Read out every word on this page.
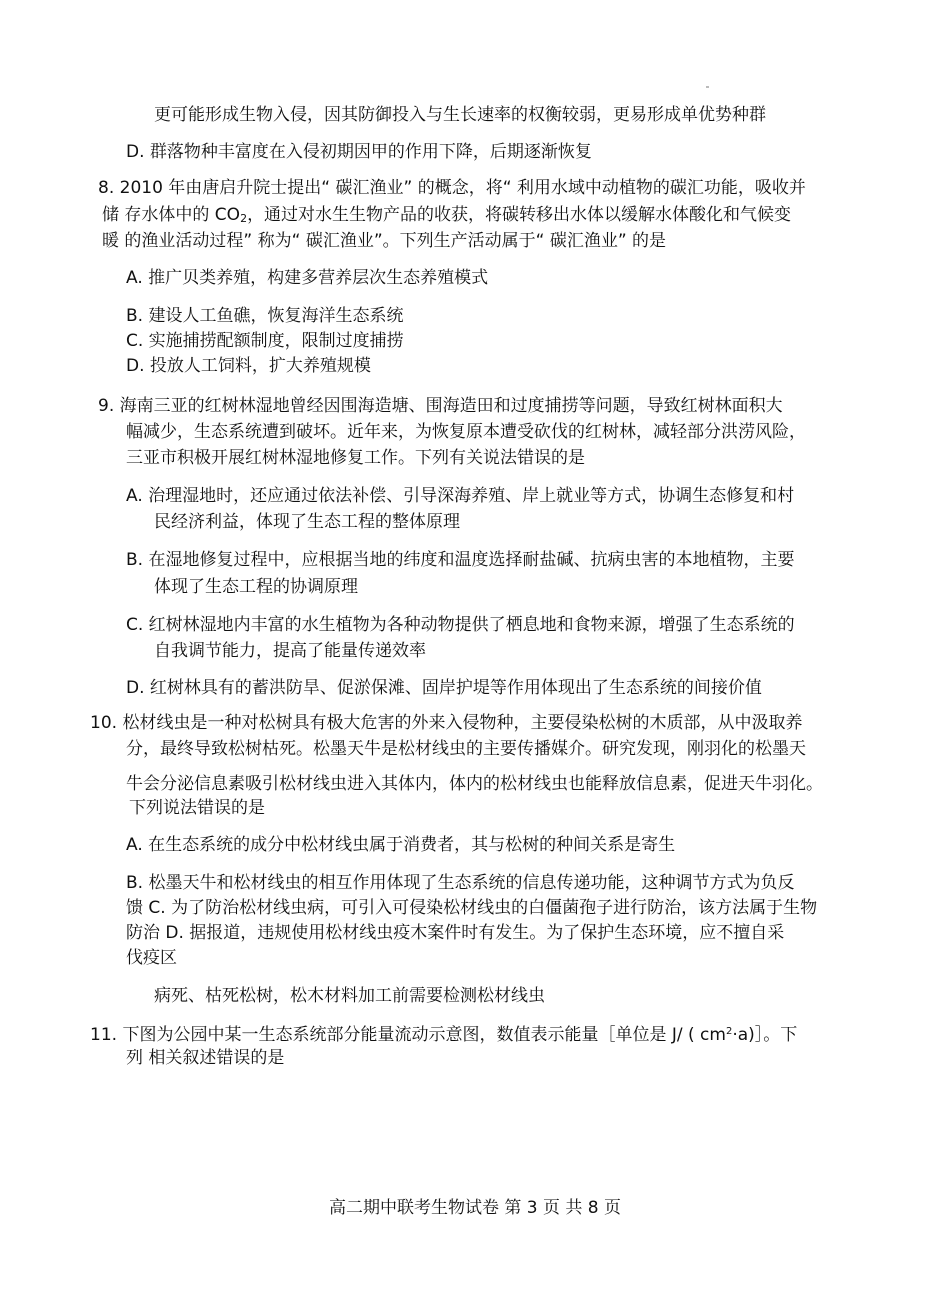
更可能形成生物入侵，因其防御投入与生长速率的权衡较弱，更易形成单优势种群
D. 群落物种丰富度在入侵初期因甲的作用下降，后期逐渐恢复
8. 2010 年由唐启升院士提出“ 碳汇渔业” 的概念，将“ 利用水域中动植物的碳汇功能，吸收并
储 存水体中的 CO2，通过对水生生物产品的收获，将碳转移出水体以缓解水体酸化和气候变
暖 的渔业活动过程” 称为“ 碳汇渔业”。下列生产活动属于“ 碳汇渔业” 的是
A. 推广贝类养殖，构建多营养层次生态养殖模式
B. 建设人工鱼礁，恢复海洋生态系统
C. 实施捕捞配额制度，限制过度捕捞
D. 投放人工饲料，扩大养殖规模
9. 海南三亚的红树林湿地曾经因围海造塘、围海造田和过度捕捞等问题，导致红树林面积大
幅减少，生态系统遭到破坏。近年来，为恢复原本遭受砍伐的红树林，减轻部分洪涝风险，
三亚市积极开展红树林湿地修复工作。下列有关说法错误的是
A. 治理湿地时，还应通过依法补偿、引导深海养殖、岸上就业等方式，协调生态修复和村
民经济利益，体现了生态工程的整体原理
B. 在湿地修复过程中，应根据当地的纬度和温度选择耐盐碱、抗病虫害的本地植物，主要
体现了生态工程的协调原理
C. 红树林湿地内丰富的水生植物为各种动物提供了栖息地和食物来源，增强了生态系统的
自我调节能力，提高了能量传递效率
D. 红树林具有的蓄洪防旱、促淤保滩、固岸护堤等作用体现出了生态系统的间接价值
10. 松材线虫是一种对松树具有极大危害的外来入侵物种，主要侵染松树的木质部，从中汲取养
分，最终导致松树枯死。松墨天牛是松材线虫的主要传播媒介。研究发现，刚羽化的松墨天
牛会分泌信息素吸引松材线虫进入其体内，体内的松材线虫也能释放信息素，促进天牛羽化。
下列说法错误的是
A. 在生态系统的成分中松材线虫属于消费者，其与松树的种间关系是寄生
B. 松墨天牛和松材线虫的相互作用体现了生态系统的信息传递功能，这种调节方式为负反
馈 C. 为了防治松材线虫病，可引入可侵染松材线虫的白僵菌孢子进行防治，该方法属于生物
防治 D. 据报道，违规使用松材线虫疫木案件时有发生。为了保护生态环境，应不擅自采
伐疫区
病死、枯死松树，松木材料加工前需要检测松材线虫
11. 下图为公园中某一生态系统部分能量流动示意图，数值表示能量［单位是 J/ ( $cm^2\cdot a)]$。下
列 相关叙述错误的是
高二期中联考生物试卷 第 3 页 共 8 页
